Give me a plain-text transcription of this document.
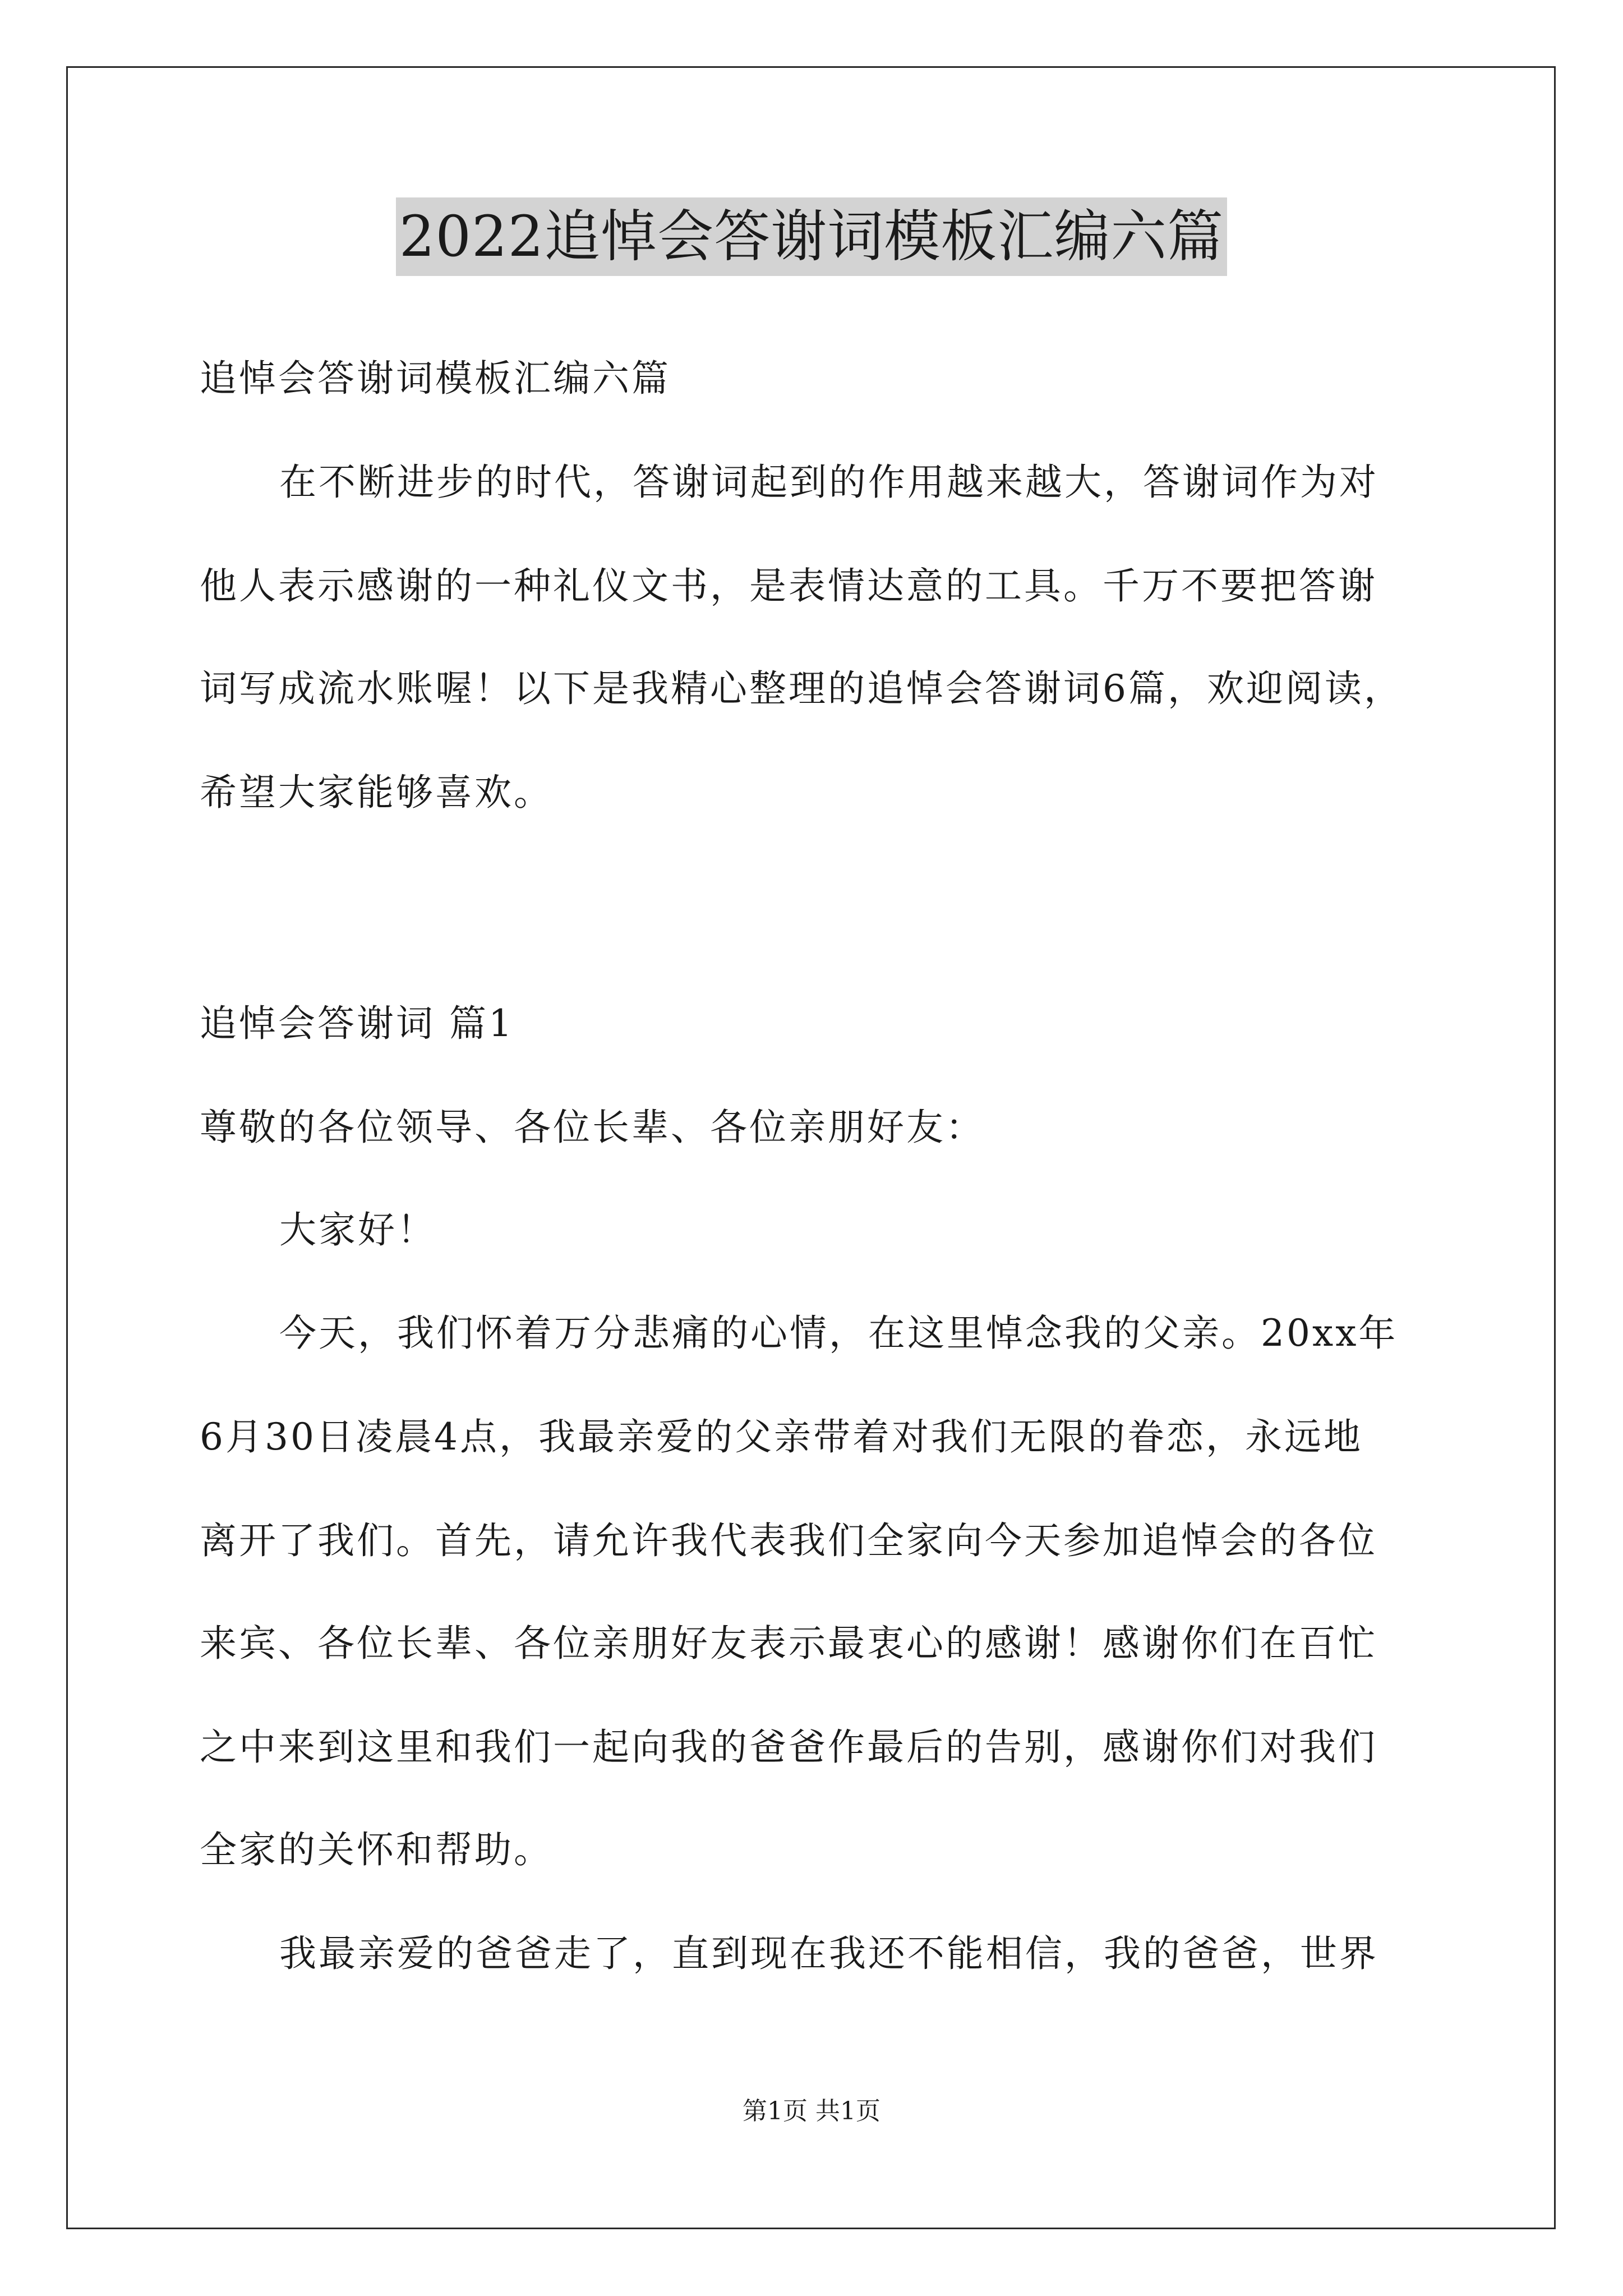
2022追悼会答谢词模板汇编六篇
追悼会答谢词模板汇编六篇
在不断进步的时代，答谢词起到的作用越来越大，答谢词作为对
他人表示感谢的一种礼仪文书，是表情达意的工具。千万不要把答谢
词写成流水账喔！以下是我精心整理的追悼会答谢词6篇，欢迎阅读，
希望大家能够喜欢。
追悼会答谢词 篇1
尊敬的各位领导、各位长辈、各位亲朋好友：
大家好！
今天，我们怀着万分悲痛的心情，在这里悼念我的父亲。20xx年
6月30日凌晨4点，我最亲爱的父亲带着对我们无限的眷恋，永远地
离开了我们。首先，请允许我代表我们全家向今天参加追悼会的各位
来宾、各位长辈、各位亲朋好友表示最衷心的感谢！感谢你们在百忙
之中来到这里和我们一起向我的爸爸作最后的告别，感谢你们对我们
全家的关怀和帮助。
我最亲爱的爸爸走了，直到现在我还不能相信，我的爸爸，世界
第1页 共1页
